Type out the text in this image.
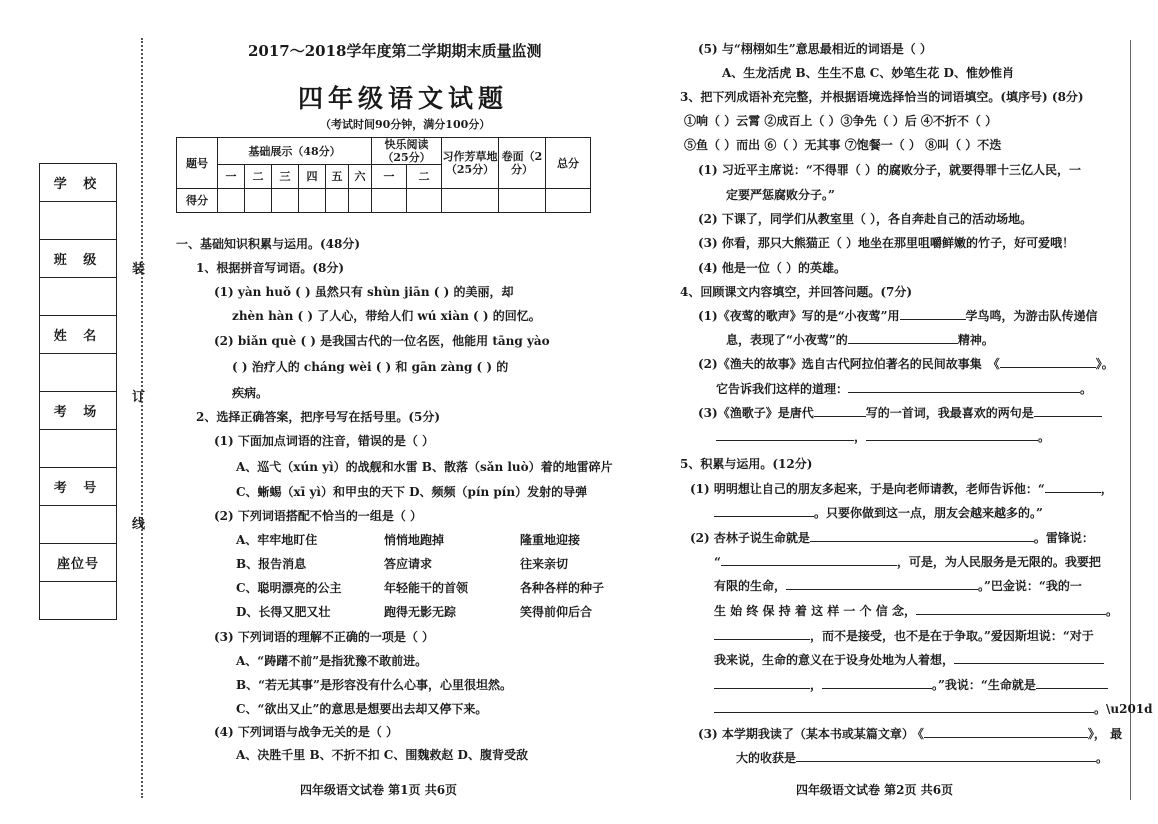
学 校
班 级
姓 名
考 场
考 号
座位号
装
订
线
2017～2018学年度第二学期期末质量监测
四年级语文试题
（考试时间90分钟，满分100分）
题号	基础展示（48分）						快乐阅读（25分）		习作芳草地（25分）	卷面（2分）	总分
	一	二	三	四	五	六	一	二			
得分											
一、基础知识积累与运用。(48分)
1、根据拼音写词语。(8分)
(1) yàn huǒ ( ) 虽然只有 shùn jiān ( ) 的美丽，却
zhèn hàn ( ) 了人心，带给人们 wú xiàn ( ) 的回忆。
(2) biǎn què ( ) 是我国古代的一位名医，他能用 tāng yào
( ) 治疗人的 cháng wèi ( ) 和 gān zàng ( ) 的
疾病。
2、选择正确答案，把序号写在括号里。(5分)
(1) 下面加点词语的注音，错误的是（ ）
A、巡弋（xún yì）的战舰和水雷 B、散落（sǎn luò）着的地雷碎片
C、蜥蜴（xī yì）和甲虫的天下 D、频频（pín pín）发射的导弹
(2) 下列词语搭配不恰当的一组是（ ）
A、牢牢地盯住	悄悄地跑掉	隆重地迎接
B、报告消息	答应请求	往来亲切
C、聪明漂亮的公主	年轻能干的首领	各种各样的种子
D、长得又肥又壮	跑得无影无踪	笑得前仰后合
(3) 下列词语的理解不正确的一项是（ ）
A、“踌躇不前”是指犹豫不敢前进。
B、“若无其事”是形容没有什么心事，心里很坦然。
C、“欲出又止”的意思是想要出去却又停下来。
(4) 下列词语与战争无关的是（ ）
A、决胜千里 B、不折不扣 C、围魏救赵 D、腹背受敌
四年级语文试卷 第1页 共6页
(5) 与“栩栩如生”意思最相近的词语是（ ）
A、生龙活虎 B、生生不息 C、妙笔生花 D、惟妙惟肖
3、把下列成语补充完整，并根据语境选择恰当的词语填空。(填序号) (8分)
①响（ ）云霄 ②成百上（ ）③争先（ ）后 ④不折不（ ）
⑤鱼（ ）而出 ⑥（ ）无其事 ⑦饱餐一（ ） ⑧叫（ ）不迭
(1) 习近平主席说：“不得罪（ ）的腐败分子，就要得罪十三亿人民，一
定要严惩腐败分子。”
(2) 下课了，同学们从教室里（ ），各自奔赴自己的活动场地。
(3) 你看，那只大熊猫正（ ）地坐在那里咀嚼鲜嫩的竹子，好可爱哦！
(4) 他是一位（ ）的英雄。
4、回顾课文内容填空，并回答问题。(7分)
(1)《夜莺的歌声》写的是“小夜莺”用	学鸟鸣，为游击队传递信
息，表现了“小夜莺”的	精神。
(2)《渔夫的故事》选自古代阿拉伯著名的民间故事集 《	》。
它告诉我们这样的道理：	。
(3)《渔歌子》是唐代	写的一首词，我最喜欢的两句是
，	。
5、积累与运用。(12分)
(1) 明明想让自己的朋友多起来，于是向老师请教，老师告诉他：“	，
。只要你做到这一点，朋友会越来越多的。”
(2) 杏林子说生命就是	。雷锋说：
“	，可是，为人民服务是无限的。我要把
有限的生命，	。”巴金说：“我的一
生 始 终 保 持 着 这 样 一 个 信 念，	。
，而不是接受，也不是在于争取。”爱因斯坦说：“对于
我来说，生命的意义在于设身处地为人着想，
，	。”我说：“生命就是
。\u201d
(3) 本学期我读了（某本书或某篇文章） 《	》， 最
大的收获是	。
四年级语文试卷 第2页 共6页
